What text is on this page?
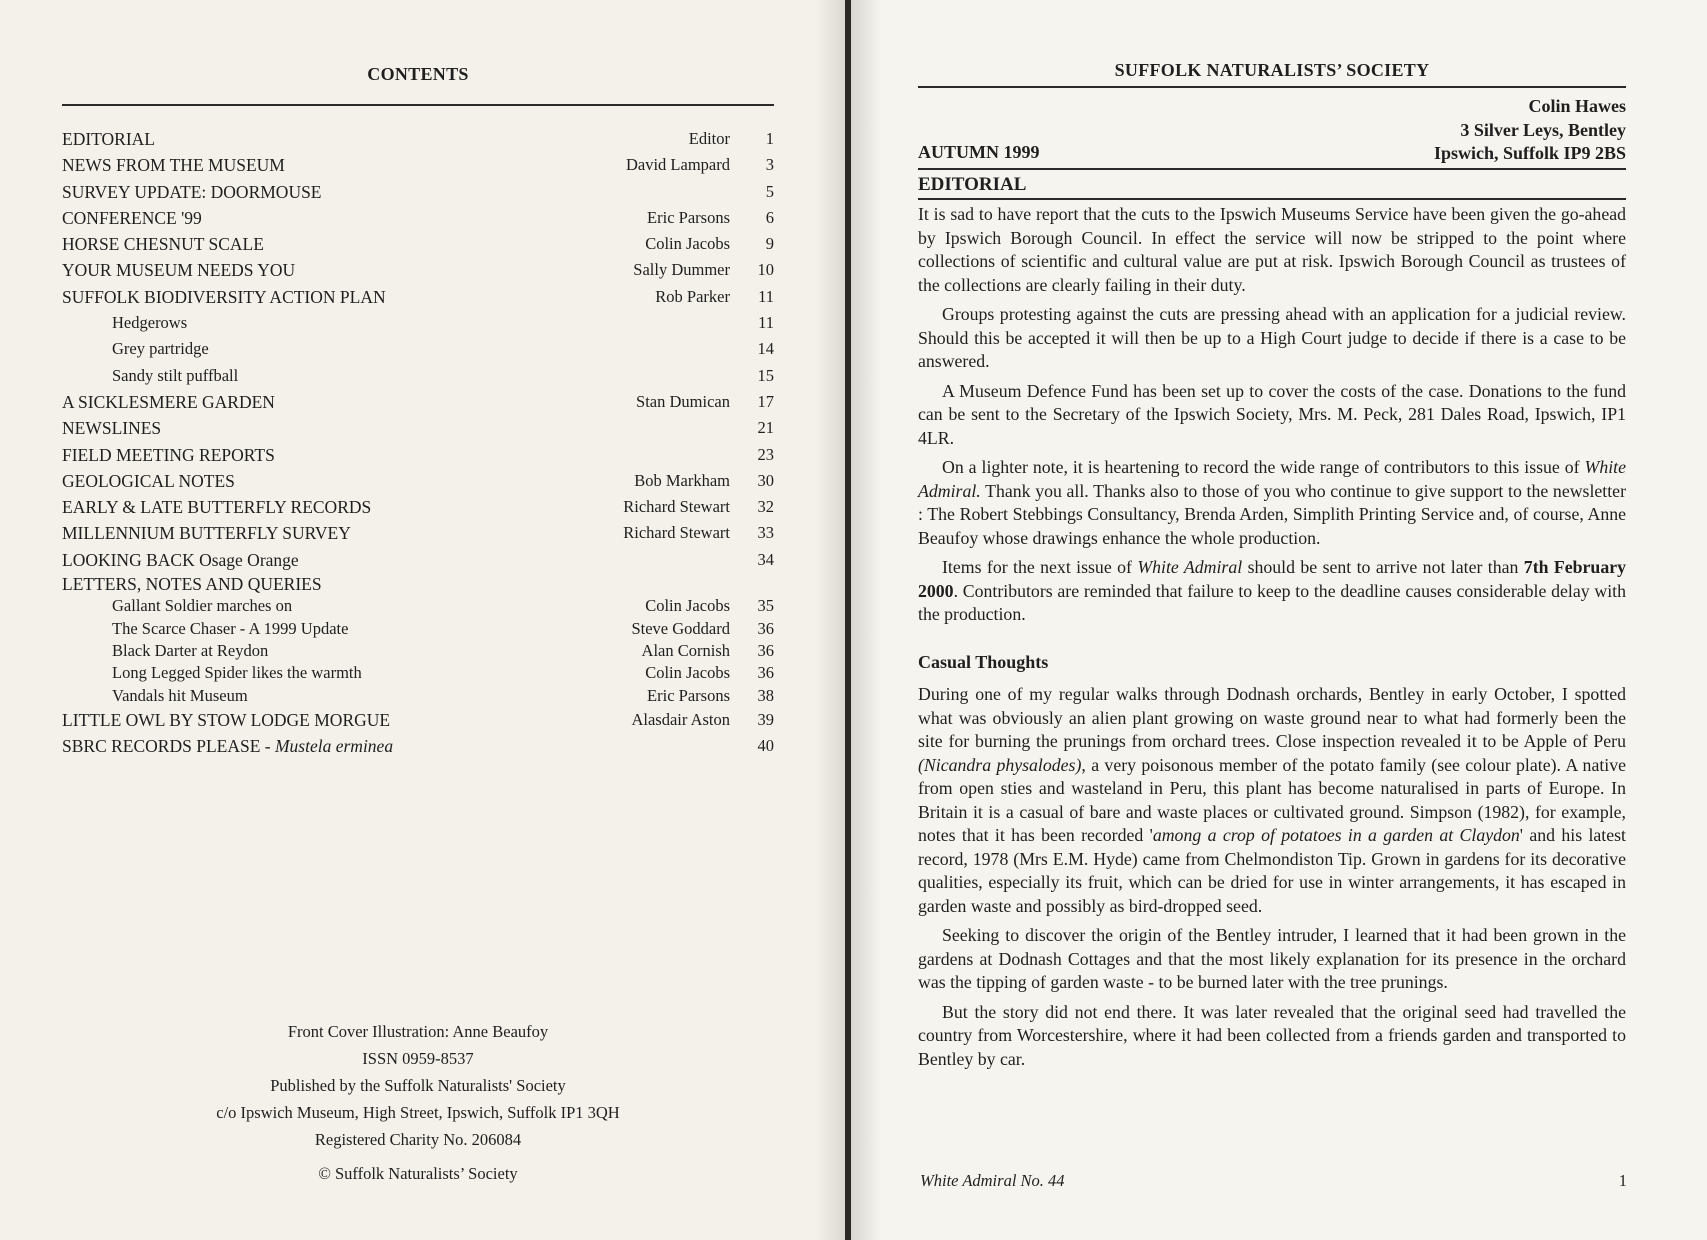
CONTENTS
EDITORIAL	Editor	1
NEWS FROM THE MUSEUM	David Lampard	3
SURVEY UPDATE: DOORMOUSE	5
CONFERENCE '99	Eric Parsons	6
HORSE CHESNUT SCALE	Colin Jacobs	9
YOUR MUSEUM NEEDS YOU	Sally Dummer	10
SUFFOLK BIODIVERSITY ACTION PLAN	Rob Parker	11
Hedgerows	11
Grey partridge	14
Sandy stilt puffball	15
A SICKLESMERE GARDEN	Stan Dumican	17
NEWSLINES	21
FIELD MEETING REPORTS	23
GEOLOGICAL NOTES	Bob Markham	30
EARLY & LATE BUTTERFLY RECORDS	Richard Stewart	32
MILLENNIUM BUTTERFLY SURVEY	Richard Stewart	33
LOOKING BACK Osage Orange	34
LETTERS, NOTES AND QUERIES
Gallant Soldier marches on	Colin Jacobs	35
The Scarce Chaser - A 1999 Update	Steve Goddard	36
Black Darter at Reydon	Alan Cornish	36
Long Legged Spider likes the warmth	Colin Jacobs	36
Vandals hit Museum	Eric Parsons	38
LITTLE OWL BY STOW LODGE MORGUE	Alasdair Aston	39
SBRC RECORDS PLEASE - Mustela erminea	40
Front Cover Illustration: Anne Beaufoy
ISSN 0959-8537
Published by the Suffolk Naturalists' Society
c/o Ipswich Museum, High Street, Ipswich, Suffolk IP1 3QH
Registered Charity No. 206084
© Suffolk Naturalists’ Society
SUFFOLK NATURALISTS’ SOCIETY
Colin Hawes
3 Silver Leys, Bentley
Ipswich, Suffolk IP9 2BS
AUTUMN 1999
EDITORIAL

It is sad to have report that the cuts to the Ipswich Museums Service have been given the go-ahead by Ipswich Borough Council. In effect the service will now be stripped to the point where collections of scientific and cultural value are put at risk. Ipswich Borough Council as trustees of the collections are clearly failing in their duty.

Groups protesting against the cuts are pressing ahead with an application for a judicial review. Should this be accepted it will then be up to a High Court judge to decide if there is a case to be answered.

A Museum Defence Fund has been set up to cover the costs of the case. Donations to the fund can be sent to the Secretary of the Ipswich Society, Mrs. M. Peck, 281 Dales Road, Ipswich, IP1 4LR.

On a lighter note, it is heartening to record the wide range of contributors to this issue of White Admiral. Thank you all. Thanks also to those of you who continue to give support to the newsletter : The Robert Stebbings Consultancy, Brenda Arden, Simplith Printing Service and, of course, Anne Beaufoy whose drawings enhance the whole production.

Items for the next issue of White Admiral should be sent to arrive not later than 7th February 2000. Contributors are reminded that failure to keep to the deadline causes considerable delay with the production.

Casual Thoughts

During one of my regular walks through Dodnash orchards, Bentley in early October, I spotted what was obviously an alien plant growing on waste ground near to what had formerly been the site for burning the prunings from orchard trees. Close inspection revealed it to be Apple of Peru (Nicandra physalodes), a very poisonous member of the potato family (see colour plate). A native from open sties and wasteland in Peru, this plant has become naturalised in parts of Europe. In Britain it is a casual of bare and waste places or cultivated ground. Simpson (1982), for example, notes that it has been recorded 'among a crop of potatoes in a garden at Claydon' and his latest record, 1978 (Mrs E.M. Hyde) came from Chelmondiston Tip. Grown in gardens for its decorative qualities, especially its fruit, which can be dried for use in winter arrangements, it has escaped in garden waste and possibly as bird-dropped seed.

Seeking to discover the origin of the Bentley intruder, I learned that it had been grown in the gardens at Dodnash Cottages and that the most likely explanation for its presence in the orchard was the tipping of garden waste - to be burned later with the tree prunings.

But the story did not end there. It was later revealed that the original seed had travelled the country from Worcestershire, where it had been collected from a friends garden and transported to Bentley by car.

White Admiral No. 44	1
